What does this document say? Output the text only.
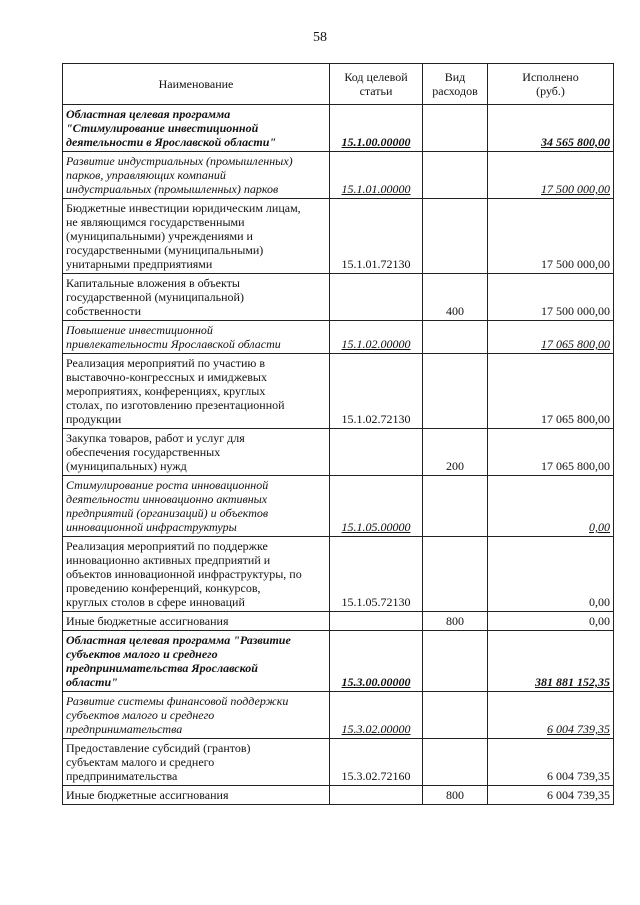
58
Наименование	Код целевой
статьи	Вид
расходов	Исполнено
(руб.)
Областная целевая программа
"Стимулирование инвестиционной
деятельности в Ярославской области"	15.1.00.00000		34 565 800,00
Развитие индустриальных (промышленных)
парков, управляющих компаний
индустриальных (промышленных) парков	15.1.01.00000		17 500 000,00
Бюджетные инвестиции юридическим лицам,
не являющимся государственными
(муниципальными) учреждениями и
государственными (муниципальными)
унитарными предприятиями	15.1.01.72130		17 500 000,00
Капитальные вложения в объекты
государственной (муниципальной)
собственности		400	17 500 000,00
Повышение инвестиционной
привлекательности Ярославской области	15.1.02.00000		17 065 800,00
Реализация мероприятий по участию в
выставочно-конгрессных и имиджевых
мероприятиях, конференциях, круглых
столах, по изготовлению презентационной
продукции	15.1.02.72130		17 065 800,00
Закупка товаров, работ и услуг для
обеспечения государственных
(муниципальных) нужд		200	17 065 800,00
Стимулирование роста инновационной
деятельности инновационно активных
предприятий (организаций) и объектов
инновационной инфраструктуры	15.1.05.00000		0,00
Реализация мероприятий по поддержке
инновационно активных предприятий и
объектов инновационной инфраструктуры, по
проведению конференций, конкурсов,
круглых столов в сфере инноваций	15.1.05.72130		0,00
Иные бюджетные ассигнования		800	0,00
Областная целевая программа "Развитие
субъектов малого и среднего
предпринимательства Ярославской
области"	15.3.00.00000		381 881 152,35
Развитие системы финансовой поддержки
субъектов малого и среднего
предпринимательства	15.3.02.00000		6 004 739,35
Предоставление субсидий (грантов)
субъектам малого и среднего
предпринимательства	15.3.02.72160		6 004 739,35
Иные бюджетные ассигнования		800	6 004 739,35
